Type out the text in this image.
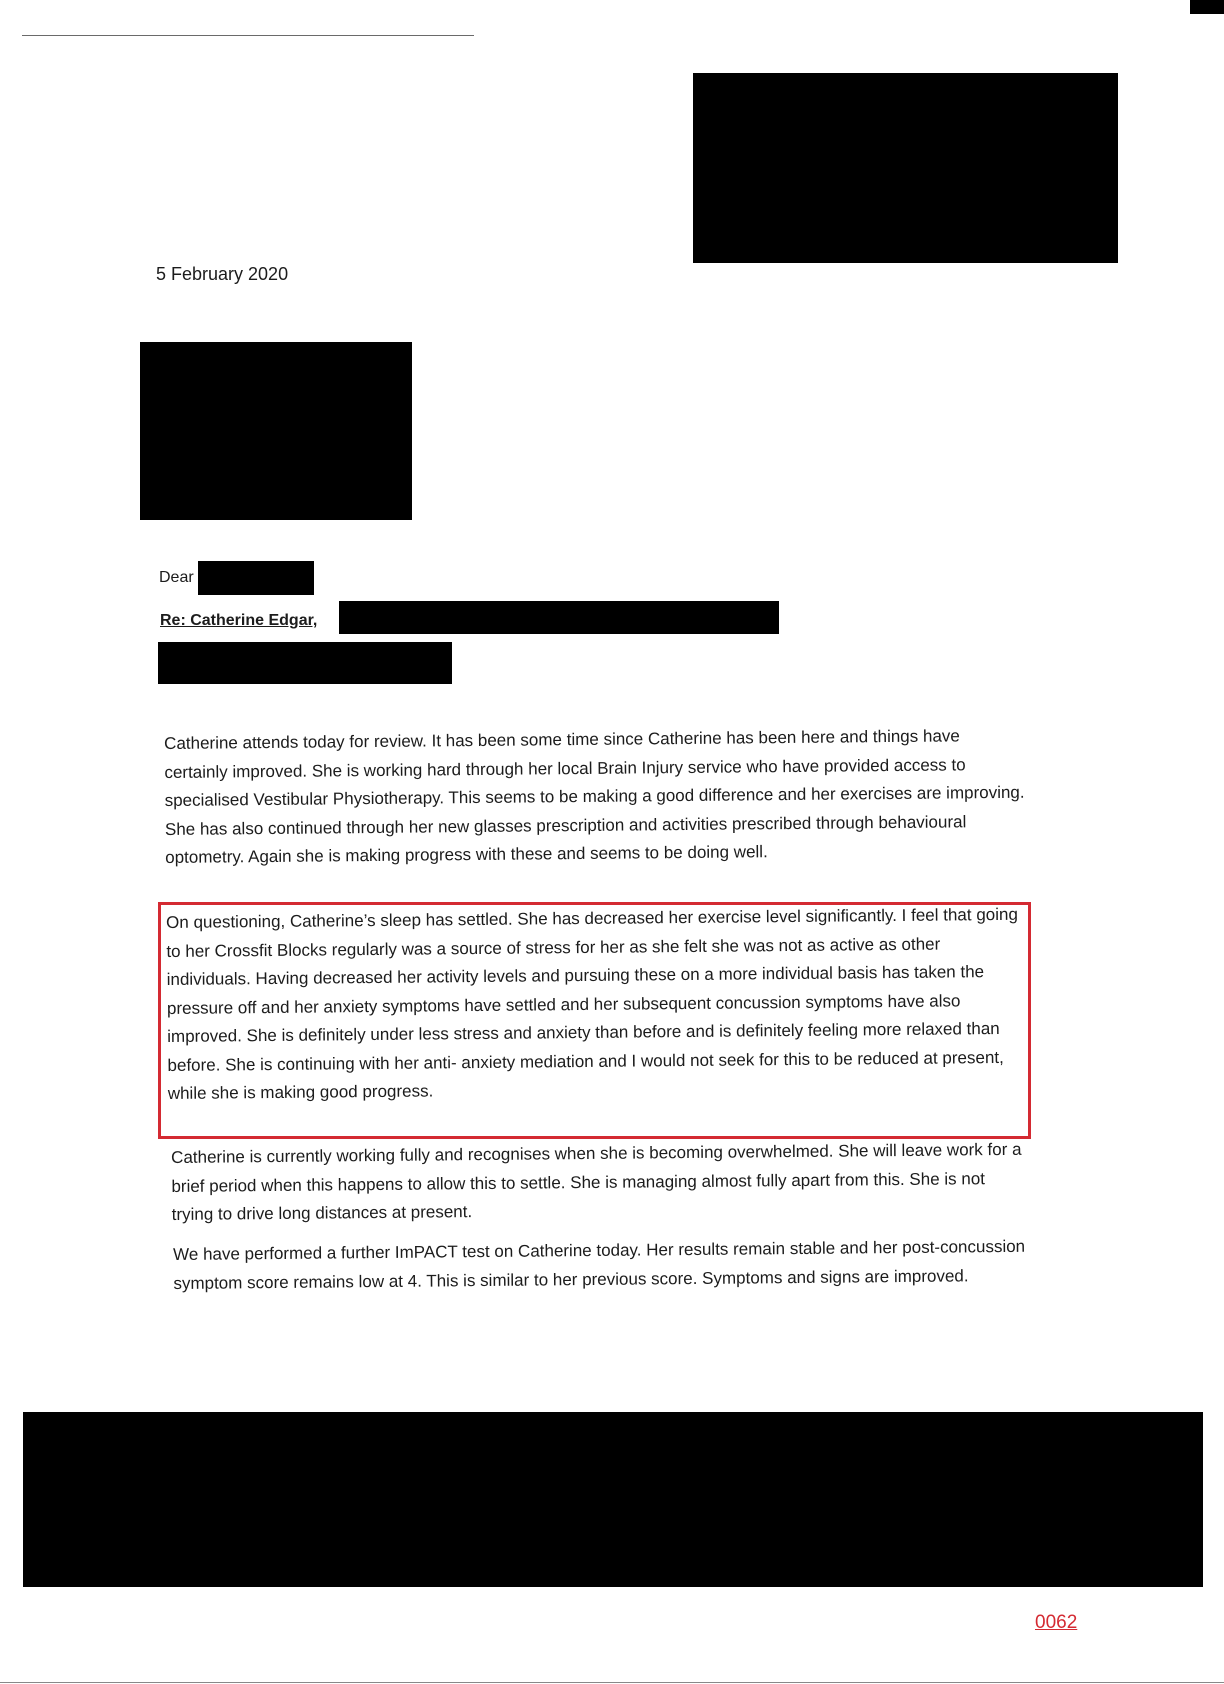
5 February 2020
Dear
Re: Catherine Edgar,
Catherine attends today for review. It has been some time since Catherine has been here and things have certainly improved. She is working hard through her local Brain Injury service who have provided access to specialised Vestibular Physiotherapy. This seems to be making a good difference and her exercises are improving. She has also continued through her new glasses prescription and activities prescribed through behavioural optometry. Again she is making progress with these and seems to be doing well.
On questioning, Catherine’s sleep has settled. She has decreased her exercise level significantly. I feel that going to her Crossfit Blocks regularly was a source of stress for her as she felt she was not as active as other individuals. Having decreased her activity levels and pursuing these on a more individual basis has taken the pressure off and her anxiety symptoms have settled and her subsequent concussion symptoms have also improved. She is definitely under less stress and anxiety than before and is definitely feeling more relaxed than before. She is continuing with her anti- anxiety mediation and I would not seek for this to be reduced at present, while she is making good progress.
Catherine is currently working fully and recognises when she is becoming overwhelmed. She will leave work for a brief period when this happens to allow this to settle. She is managing almost fully apart from this. She is not trying to drive long distances at present.
We have performed a further ImPACT test on Catherine today. Her results remain stable and her post-concussion symptom score remains low at 4. This is similar to her previous score. Symptoms and signs are improved.
0062
